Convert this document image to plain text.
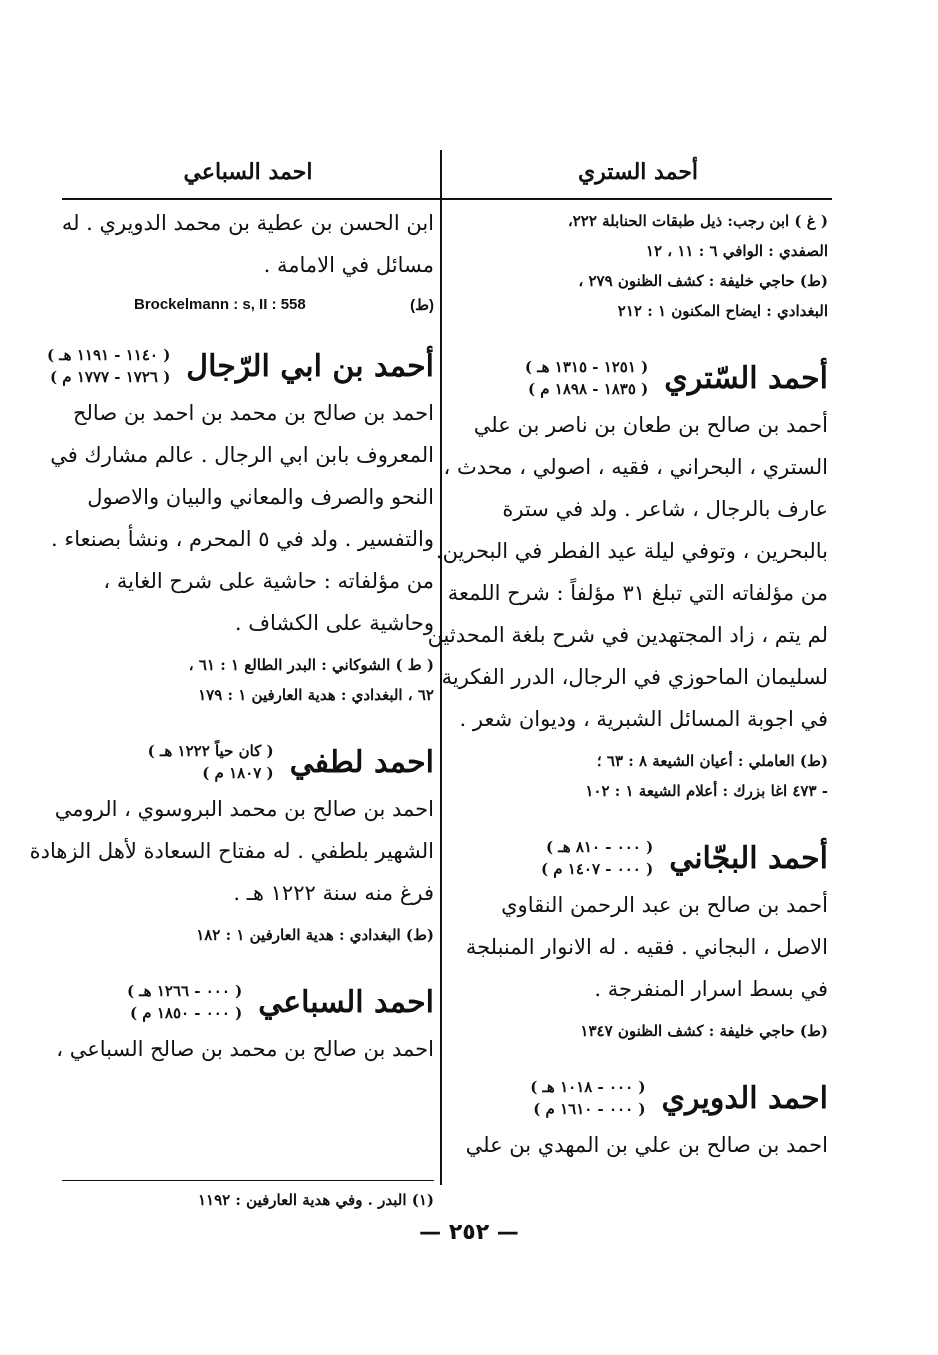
أحمد الستري
( غ ) ابن رجب: ذيل طبقات الحنابلة ٢٢٢،
الصفدي : الوافي ٦ : ١١ ، ١٢
(ط) حاجي خليفة : كشف الظنون ٢٧٩ ،
البغدادي : ايضاح المكنون ١ : ٢١٢
أحمد السّتري
( ١٢٥١ - ١٣١٥ هـ )
( ١٨٣٥ - ١٨٩٨ م )
أحمد بن صالح بن طعان بن ناصر بن علي
الستري ، البحراني ، فقيه ، اصولي ، محدث ،
عارف بالرجال ، شاعر . ولد في سترة
بالبحرين ، وتوفي ليلة عيد الفطر في البحرين.
من مؤلفاته التي تبلغ ٣١ مؤلفاً : شرح اللمعة
لم يتم ، زاد المجتهدين في شرح بلغة المحدثين
لسليمان الماحوزي في الرجال، الدرر الفكرية
في اجوبة المسائل الشبرية ، وديوان شعر .
(ط) العاملي : أعيان الشيعة ٨ : ٦٣ ؛
- ٤٧٣ اغا بزرك : أعلام الشيعة ١ : ١٠٢
أحمد البجّاني
( ٠٠٠ - ٨١٠ هـ )
( ٠٠٠ - ١٤٠٧ م )
أحمد بن صالح بن عبد الرحمن النقاوي
الاصل ، البجاني . فقيه . له الانوار المنبلجة
في بسط اسرار المنفرجة .
(ط) حاجي خليفة : كشف الظنون ١٣٤٧
احمد الدويري
( ٠٠٠ - ١٠١٨ هـ )
( ٠٠٠ - ١٦١٠ م )
احمد بن صالح بن علي بن المهدي بن علي
احمد السباعي
ابن الحسن بن عطية بن محمد الدويري . له
مسائل في الامامة .
Brockelmann : s, II : 558	(ط)
أحمد بن ابي الرّجال
( ١١٤٠ - ١١٩١ هـ )
( ١٧٢٦ - ١٧٧٧ م )
احمد بن صالح بن محمد بن احمد بن صالح
المعروف بابن ابي الرجال . عالم مشارك في
النحو والصرف والمعاني والبيان والاصول
والتفسير . ولد في ٥ المحرم ، ونشأ بصنعاء .
من مؤلفاته : حاشية على شرح الغاية ،
وحاشية على الكشاف .
( ط ) الشوكاني : البدر الطالع ١ : ٦١ ،
٦٢ ، البغدادي : هدية العارفين ١ : ١٧٩
احمد لطفي
( كان حياً ١٢٢٢ هـ )
( ١٨٠٧ م )
احمد بن صالح بن محمد البروسوي ، الرومي
الشهير بلطفي . له مفتاح السعادة لأهل الزهادة
فرغ منه سنة ١٢٢٢ هـ .
(ط) البغدادي : هدية العارفين ١ : ١٨٢
احمد السباعي
( ٠٠٠ - ١٢٦٦ هـ )
( ٠٠٠ - ١٨٥٠ م )
احمد بن صالح بن محمد بن صالح السباعي ،
(١) البدر . وفي هدية العارفين : ١١٩٢
— ٢٥٢ —
